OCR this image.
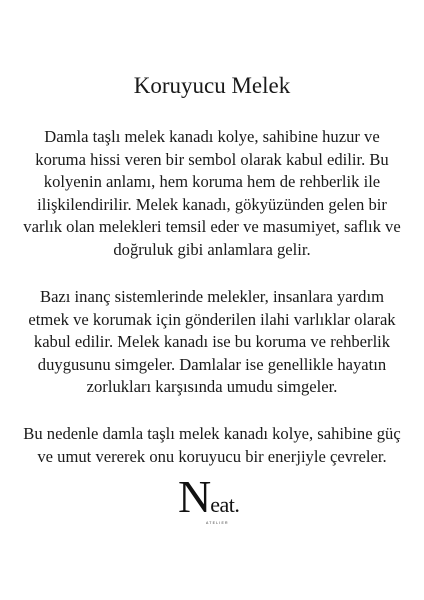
Koruyucu Melek

Damla taşlı melek kanadı kolye, sahibine huzur ve
koruma hissi veren bir sembol olarak kabul edilir. Bu
kolyenin anlamı, hem koruma hem de rehberlik ile
ilişkilendirilir. Melek kanadı, gökyüzünden gelen bir
varlık olan melekleri temsil eder ve masumiyet, saflık ve
doğruluk gibi anlamlara gelir.

Bazı inanç sistemlerinde melekler, insanlara yardım
etmek ve korumak için gönderilen ilahi varlıklar olarak
kabul edilir. Melek kanadı ise bu koruma ve rehberlik
duygusunu simgeler. Damlalar ise genellikle hayatın
zorlukları karşısında umudu simgeler.

Bu nedenle damla taşlı melek kanadı kolye, sahibine güç
ve umut vererek onu koruyucu bir enerjiyle çevreler.

Neat.
ATELIER
